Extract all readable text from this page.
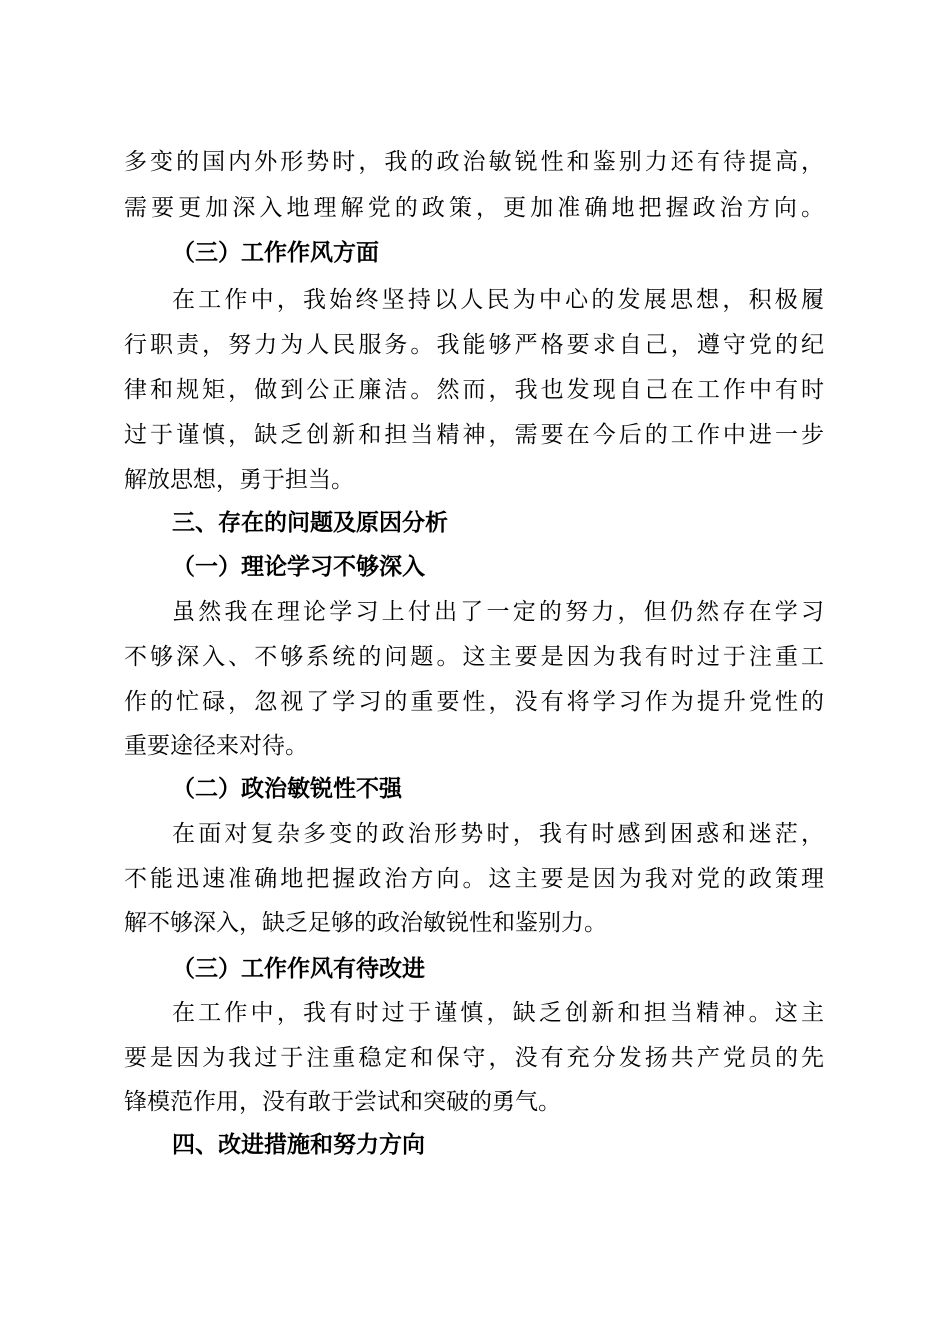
多变的国内外形势时，我的政治敏锐性和鉴别力还有待提高，
需要更加深入地理解党的政策，更加准确地把握政治方向。
（三）工作作风方面
在工作中，我始终坚持以人民为中心的发展思想，积极履
行职责，努力为人民服务。我能够严格要求自己，遵守党的纪
律和规矩，做到公正廉洁。然而，我也发现自己在工作中有时
过于谨慎，缺乏创新和担当精神，需要在今后的工作中进一步
解放思想，勇于担当。
三、存在的问题及原因分析
（一）理论学习不够深入
虽然我在理论学习上付出了一定的努力，但仍然存在学习
不够深入、不够系统的问题。这主要是因为我有时过于注重工
作的忙碌，忽视了学习的重要性，没有将学习作为提升党性的
重要途径来对待。
（二）政治敏锐性不强
在面对复杂多变的政治形势时，我有时感到困惑和迷茫，
不能迅速准确地把握政治方向。这主要是因为我对党的政策理
解不够深入，缺乏足够的政治敏锐性和鉴别力。
（三）工作作风有待改进
在工作中，我有时过于谨慎，缺乏创新和担当精神。这主
要是因为我过于注重稳定和保守，没有充分发扬共产党员的先
锋模范作用，没有敢于尝试和突破的勇气。
四、改进措施和努力方向
